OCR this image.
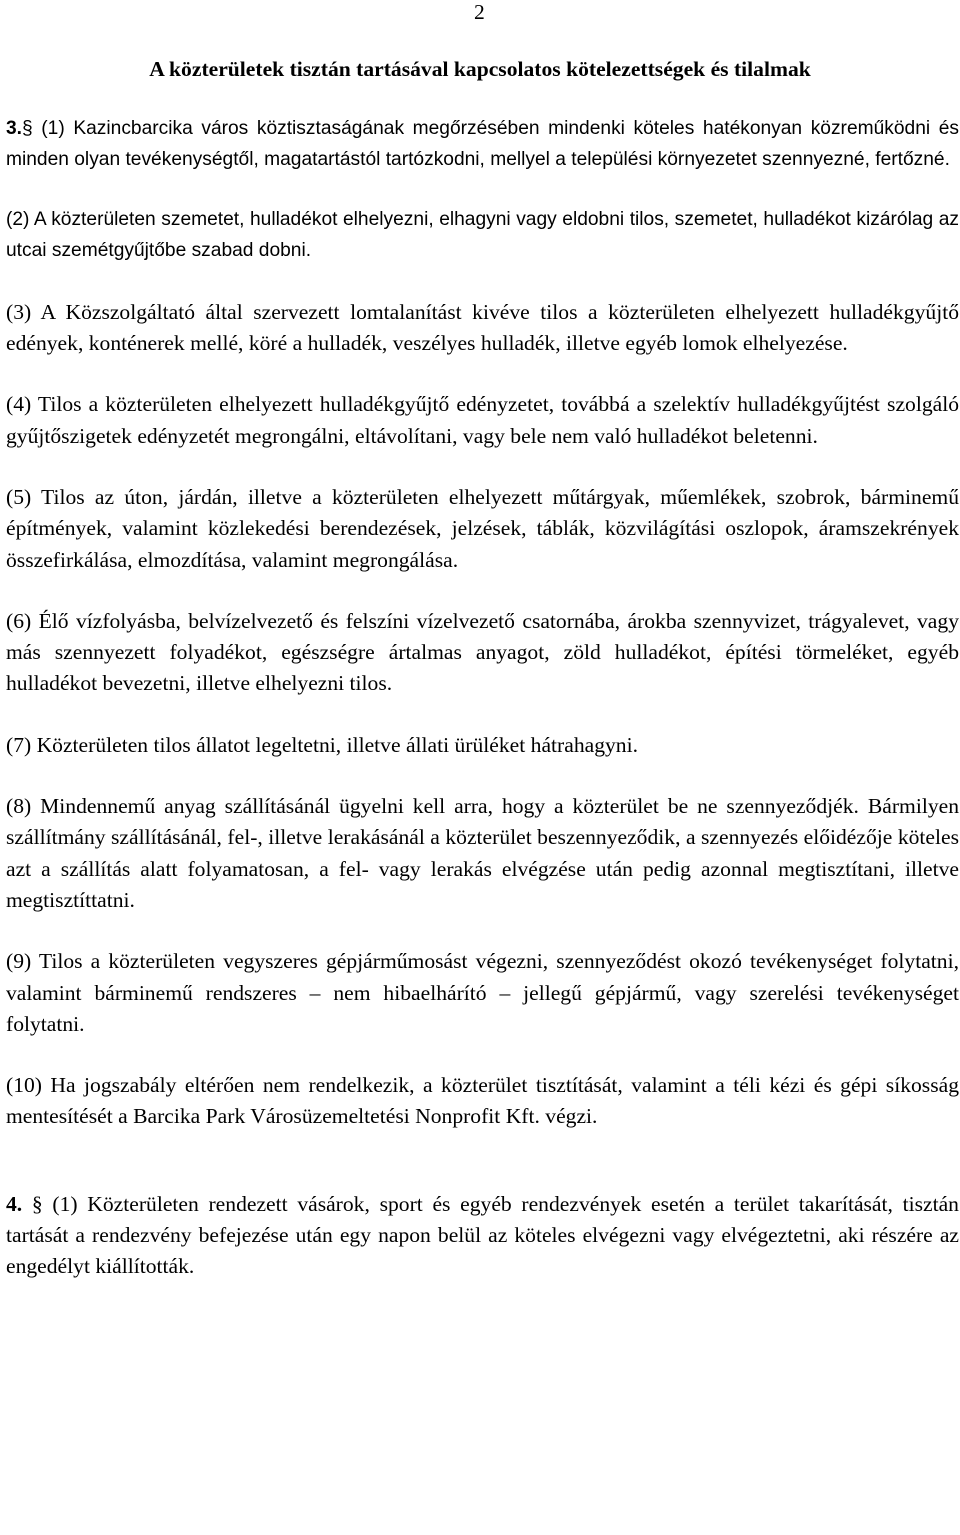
2
A közterületek tisztán tartásával kapcsolatos kötelezettségek és tilalmak

3.§ (1) Kazincbarcika város köztisztaságának megőrzésében mindenki köteles hatékonyan közreműködni és minden olyan tevékenységtől, magatartástól tartózkodni, mellyel a települési környezetet szennyezné, fertőzné.

(2) A közterületen szemetet, hulladékot elhelyezni, elhagyni vagy eldobni tilos, szemetet, hulladékot kizárólag az utcai szemétgyűjtőbe szabad dobni.

(3) A Közszolgáltató által szervezett lomtalanítást kivéve tilos a közterületen elhelyezett hulladékgyűjtő edények, konténerek mellé, köré a hulladék, veszélyes hulladék, illetve egyéb lomok elhelyezése.

(4) Tilos a közterületen elhelyezett hulladékgyűjtő edényzetet, továbbá a szelektív hulladékgyűjtést szolgáló gyűjtőszigetek edényzetét megrongálni, eltávolítani, vagy bele nem való hulladékot beletenni.

(5) Tilos az úton, járdán, illetve a közterületen elhelyezett műtárgyak, műemlékek, szobrok, bárminemű építmények, valamint közlekedési berendezések, jelzések, táblák, közvilágítási oszlopok, áramszekrények összefirkálása, elmozdítása, valamint megrongálása.

(6) Élő vízfolyásba, belvízelvezető és felszíni vízelvezető csatornába, árokba szennyvizet, trágyalevet, vagy más szennyezett folyadékot, egészségre ártalmas anyagot, zöld hulladékot, építési törmeléket, egyéb hulladékot bevezetni, illetve elhelyezni tilos.

(7) Közterületen tilos állatot legeltetni, illetve állati ürüléket hátrahagyni.

(8) Mindennemű anyag szállításánál ügyelni kell arra, hogy a közterület be ne szennyeződjék. Bármilyen szállítmány szállításánál, fel-, illetve lerakásánál a közterület beszennyeződik, a szennyezés előidézője köteles azt a szállítás alatt folyamatosan, a fel- vagy lerakás elvégzése után pedig azonnal megtisztítani, illetve megtisztíttatni.

(9) Tilos a közterületen vegyszeres gépjárműmosást végezni, szennyeződést okozó tevékenységet folytatni, valamint bárminemű rendszeres – nem hibaelhárító – jellegű gépjármű, vagy szerelési tevékenységet folytatni.

(10) Ha jogszabály eltérően nem rendelkezik, a közterület tisztítását, valamint a téli kézi és gépi síkosság mentesítését a Barcika Park Városüzemeltetési Nonprofit Kft. végzi.

4. § (1) Közterületen rendezett vásárok, sport és egyéb rendezvények esetén a terület takarítását, tisztán tartását a rendezvény befejezése után egy napon belül az köteles elvégezni vagy elvégeztetni, aki részére az engedélyt kiállították.
